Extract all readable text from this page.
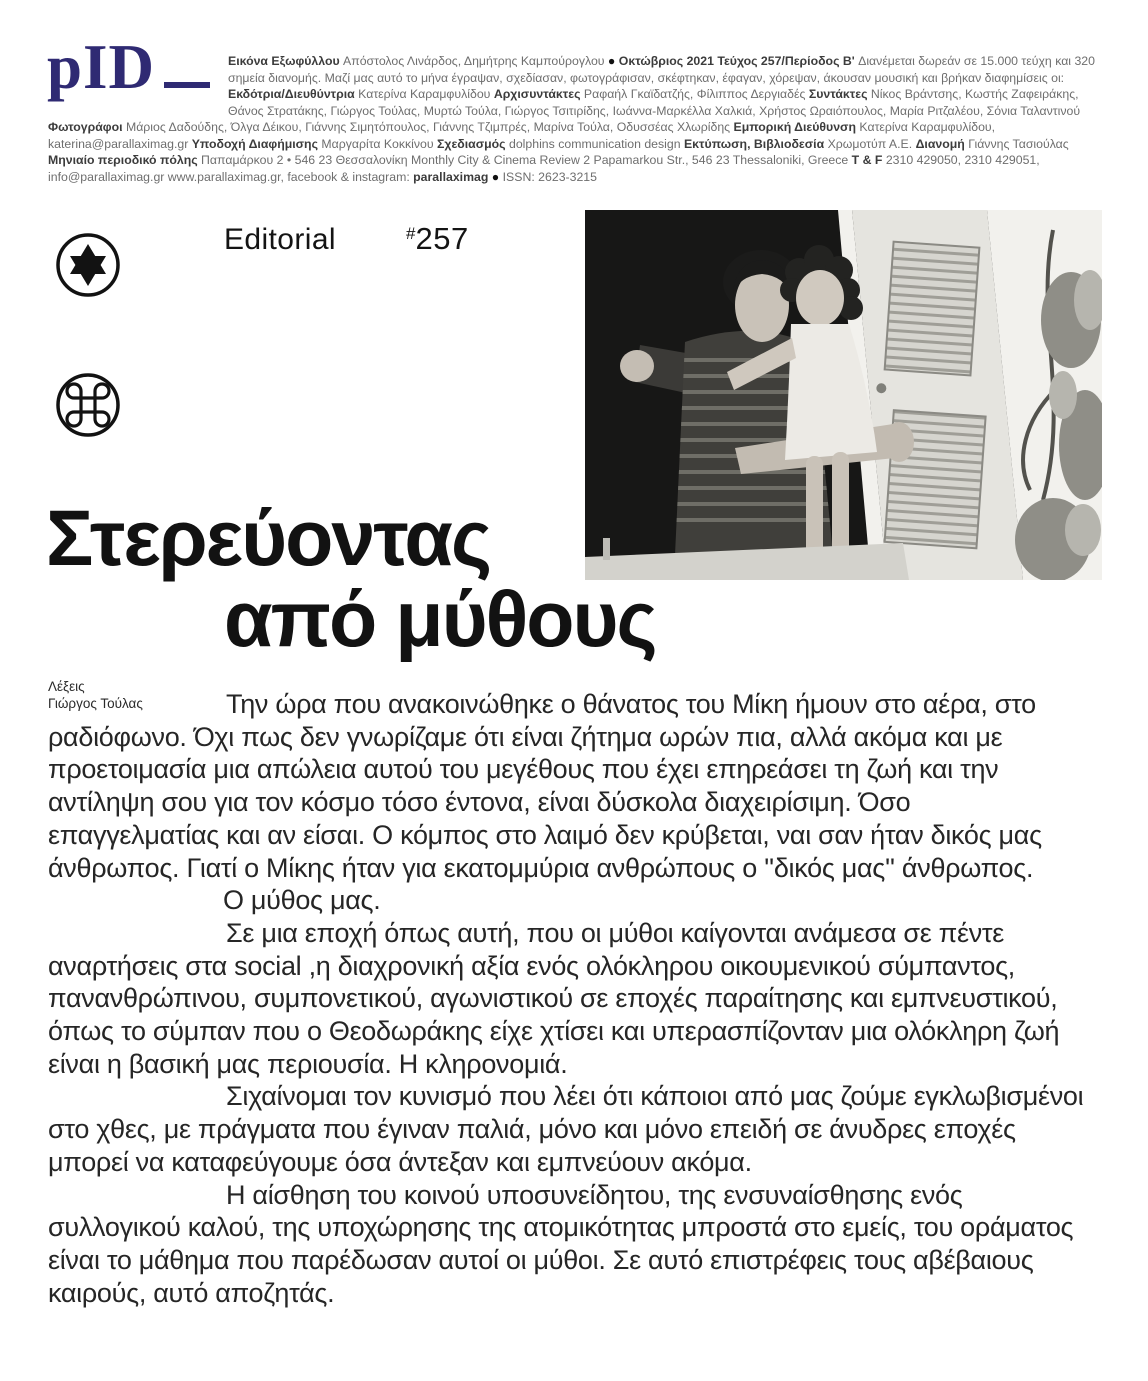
pID	Εικόνα Εξωφύλλου Απόστολος Λινάρδος, Δημήτρης Καμπούρογλου ● Οκτώβριος 2021 Τεύχος 257/Περίοδος Β' Διανέμεται δωρεάν σε 15.000 τεύχη και 320 σημεία διανομής. Μαζί μας αυτό το μήνα έγραψαν, σχεδίασαν, φωτογράφισαν, σκέφτηκαν, έφαγαν, χόρεψαν, άκουσαν μουσική και βρήκαν διαφημίσεις οι: Εκδότρια/Διευθύντρια Κατερίνα Καραμφυλίδου Αρχισυντάκτες Ραφαήλ Γκαϊδατζής, Φίλιππος Δεργιαδές Συντάκτες Νίκος Βράντσης, Κωστής Ζαφειράκης, Θάνος Στρατάκης, Γιώργος Τούλας, Μυρτώ Τούλα, Γιώργος Τσιτιρίδης, Ιωάννα-Μαρκέλλα Χαλκιά, Χρήστος Ωραιόπουλος, Μαρία Ριτζαλέου, Σόνια Ταλαντινού Φωτογράφοι Μάριος Δαδούδης, Όλγα Δέικου, Γιάννης Σιμητόπουλος, Γιάννης Τζιμπρές, Μαρίνα Τούλα, Οδυσσέας Χλωρίδης Εμπορική Διεύθυνση Κατερίνα Καραμφυλίδου, katerina@parallaximag.gr Υποδοχή Διαφήμισης Μαργαρίτα Κοκκίνου Σχεδιασμός dolphins communication design Εκτύπωση, Βιβλιοδεσία Χρωμοτύπ Α.Ε. Διανομή Γιάννης Τασιούλας Μηνιαίο περιοδικό πόλης Παπαμάρκου 2 • 546 23 Θεσσαλονίκη Monthly City & Cinema Review 2 Papamarkou Str., 546 23 Thessaloniki, Greece T & F 2310 429050, 2310 429051, info@parallaximag.gr www.parallaximag.gr, facebook & instagram: parallaximag ● ISSN: 2623-3215

Editorial	#257
Στερεύοντας
από μύθους
Λέξεις
Γιώργος Τούλας	Την ώρα που ανακοινώθηκε ο θάνατος του Μίκη ήμουν στο αέρα, στο ραδιόφωνο. Όχι πως δεν γνωρίζαμε ότι είναι ζήτημα ωρών πια, αλλά ακόμα και με προετοιμασία μια απώλεια αυτού του μεγέθους που έχει επηρεάσει τη ζωή και την αντίληψη σου για τον κόσμο τόσο έντονα, είναι δύσκολα διαχειρίσιμη. Όσο επαγγελματίας και αν είσαι. Ο κόμπος στο λαιμό δεν κρύβεται, ναι σαν ήταν δικός μας άνθρωπος. Γιατί ο Μίκης ήταν για εκατομμύρια ανθρώπους ο ''δικός μας'' άνθρωπος.Ο μύθος μας.

Σε μια εποχή όπως αυτή, που οι μύθοι καίγονται ανάμεσα σε πέντε αναρτήσεις στα social ,η διαχρονική αξία ενός ολόκληρου οικουμενικού σύμπαντος, πανανθρώπινου, συμπονετικού, αγωνιστικού σε εποχές παραίτησης και εμπνευστικού, όπως το σύμπαν που ο Θεοδωράκης είχε χτίσει και υπερασπίζονταν μια ολόκληρη ζωή είναι η βασική μας περιουσία. Η κληρονομιά.

Σιχαίνομαι τον κυνισμό που λέει ότι κάποιοι από μας ζούμε εγκλωβισμένοι στο χθες, με πράγματα που έγιναν παλιά, μόνο και μόνο επειδή σε άνυδρες εποχές μπορεί να καταφεύγουμε όσα άντεξαν και εμπνεύουν ακόμα.

Η αίσθηση του κοινού υποσυνείδητου, της ενσυναίσθησης ενός συλλογικού καλού, της υποχώρησης της ατομικότητας μπροστά στο εμείς, του οράματος είναι το μάθημα που παρέδωσαν αυτοί οι μύθοι. Σε αυτό επιστρέφεις τους αβέβαιους καιρούς, αυτό αποζητάς.
